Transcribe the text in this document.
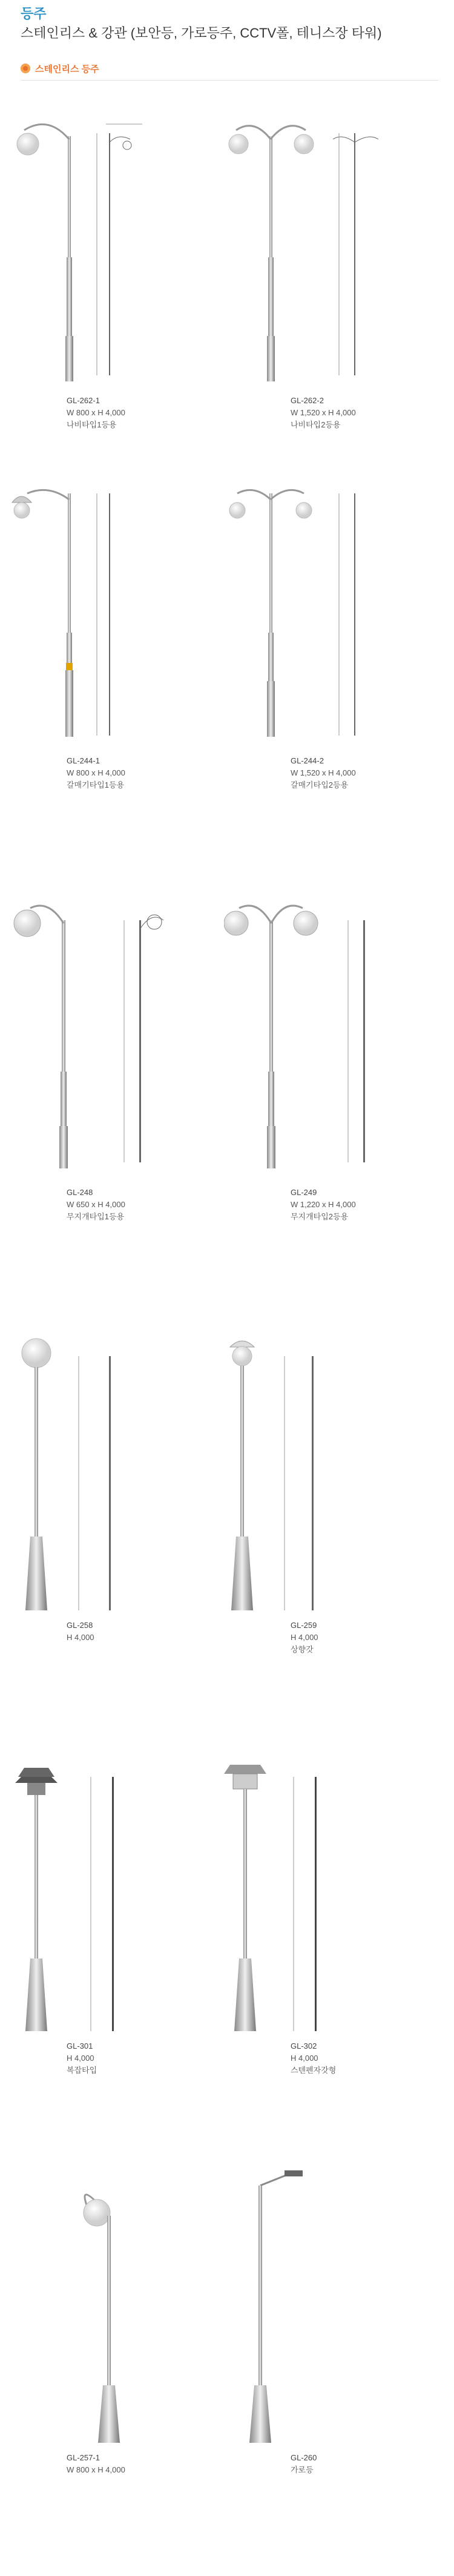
등주
스테인리스 & 강관 (보안등, 가로등주, CCTV폴, 테니스장 타워)
스테인리스 등주
GL-262-1
W 800 x H 4,000
나비타입1등용
GL-262-2
W 1,520 x H 4,000
나비타입2등용
GL-244-1
W 800 x H 4,000
갈매기타입1등용
GL-244-2
W 1,520 x H 4,000
갈매기타입2등용
GL-248
W 650 x H 4,000
무지개타입1등용
GL-249
W 1,220 x H 4,000
무지개타입2등용
GL-258
H 4,000
GL-259
H 4,000
상향갓
GL-301
H 4,000
복잡타입
GL-302
H 4,000
스텐펜자갓형
GL-257-1
W 800 x H 4,000
GL-260
가로등
